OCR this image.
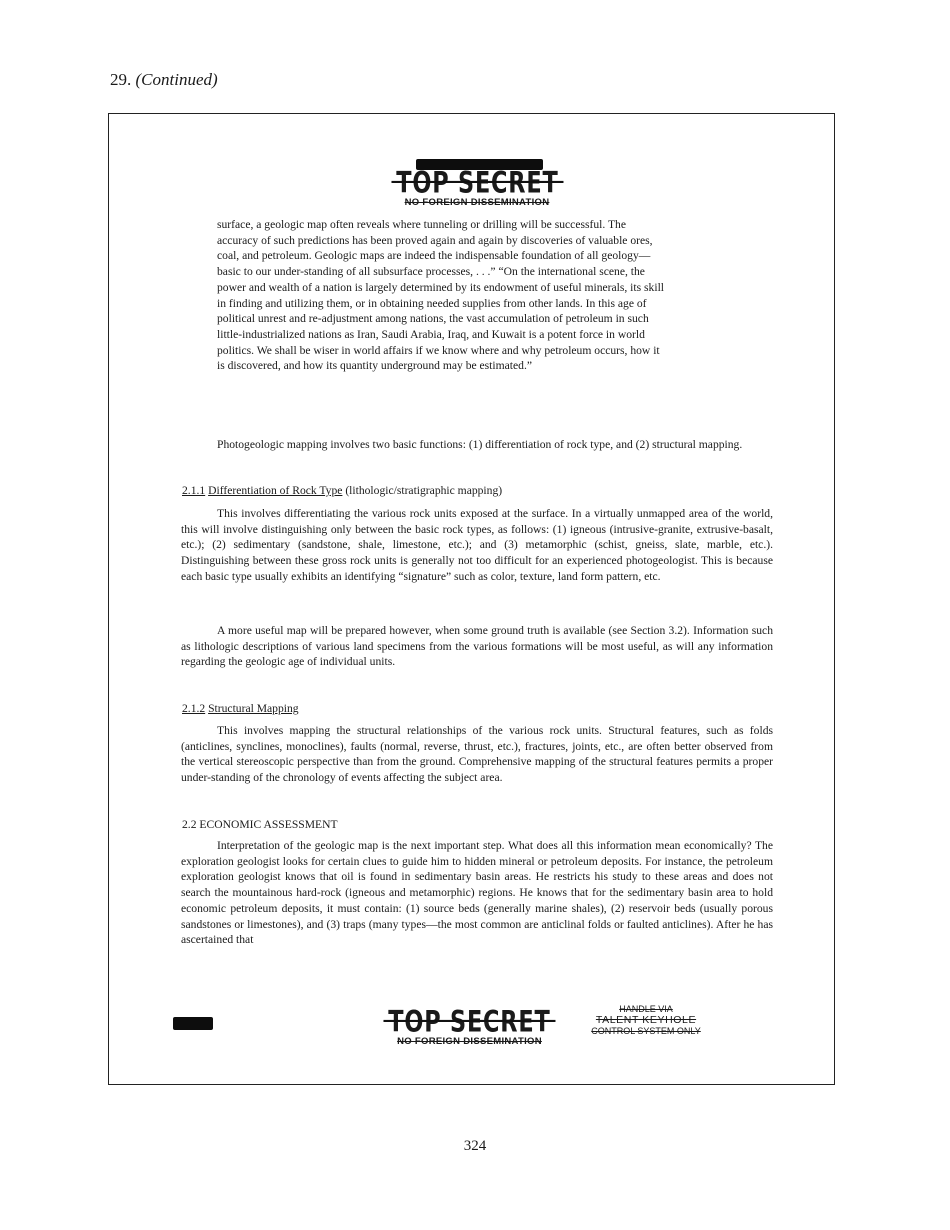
29. (Continued)
TOP SECRET
NO FOREIGN DISSEMINATION

surface, a geologic map often reveals where tunneling or drilling will be successful. The accuracy of such predictions has been proved again and again by discoveries of valuable ores, coal, and petroleum. Geologic maps are indeed the indispensable foundation of all geology—basic to our under-standing of all subsurface processes, . . .” “On the international scene, the power and wealth of a nation is largely determined by its endowment of useful minerals, its skill in finding and utilizing them, or in obtaining needed supplies from other lands. In this age of political unrest and re-adjustment among nations, the vast accumulation of petroleum in such little-industrialized nations as Iran, Saudi Arabia, Iraq, and Kuwait is a potent force in world politics. We shall be wiser in world affairs if we know where and why petroleum occurs, how it is discovered, and how its quantity underground may be estimated.”

Photogeologic mapping involves two basic functions: (1) differentiation of rock type, and (2) structural mapping.

2.1.1 Differentiation of Rock Type (lithologic/stratigraphic mapping)

This involves differentiating the various rock units exposed at the surface. In a virtually unmapped area of the world, this will involve distinguishing only between the basic rock types, as follows: (1) igneous (intrusive-granite, extrusive-basalt, etc.); (2) sedimentary (sandstone, shale, limestone, etc.); and (3) metamorphic (schist, gneiss, slate, marble, etc.). Distinguishing between these gross rock units is generally not too difficult for an experienced photogeologist. This is because each basic type usually exhibits an identifying “signature” such as color, texture, land form pattern, etc.

A more useful map will be prepared however, when some ground truth is available (see Section 3.2). Information such as lithologic descriptions of various land specimens from the various formations will be most useful, as will any information regarding the geologic age of individual units.

2.1.2 Structural Mapping

This involves mapping the structural relationships of the various rock units. Structural features, such as folds (anticlines, synclines, monoclines), faults (normal, reverse, thrust, etc.), fractures, joints, etc., are often better observed from the vertical stereoscopic perspective than from the ground. Comprehensive mapping of the structural features permits a proper under-standing of the chronology of events affecting the subject area.

2.2 ECONOMIC ASSESSMENT

Interpretation of the geologic map is the next important step. What does all this information mean economically? The exploration geologist looks for certain clues to guide him to hidden mineral or petroleum deposits. For instance, the petroleum exploration geologist knows that oil is found in sedimentary basin areas. He restricts his study to these areas and does not search the mountainous hard-rock (igneous and metamorphic) regions. He knows that for the sedimentary basin area to hold economic petroleum deposits, it must contain: (1) source beds (generally marine shales), (2) reservoir beds (usually porous sandstones or limestones), and (3) traps (many types—the most common are anticlinal folds or faulted anticlines). After he has ascertained that

TOP SECRET
NO FOREIGN DISSEMINATION
HANDLE VIA
TALENT KEYHOLE
CONTROL SYSTEM ONLY
324
